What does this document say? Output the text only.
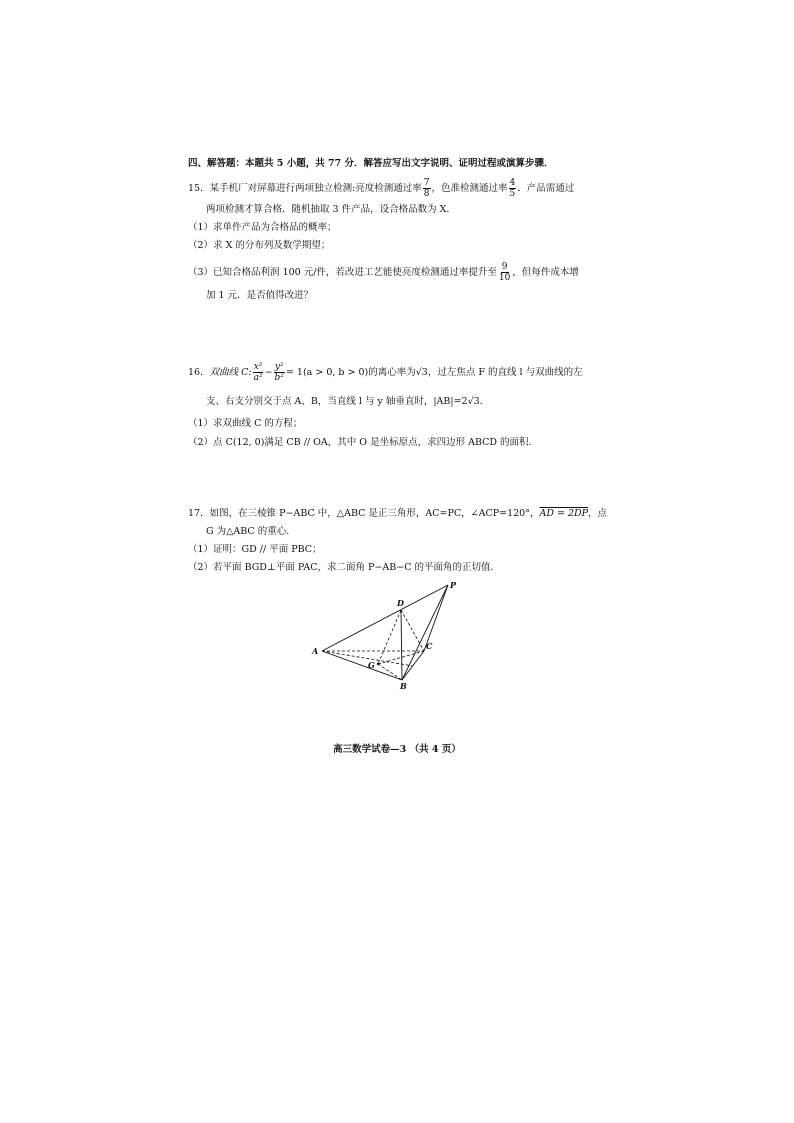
四、解答题：本题共 5 小题，共 77 分．解答应写出文字说明、证明过程或演算步骤．
15．某手机厂对屏幕进行两项独立检测:亮度检测通过率 $\frac{7}{8}$ ，色准检测通过率 $\frac{4}{5}$ ．产品需通过
两项检测才算合格．随机抽取 3 件产品，设合格品数为 X．
（1）求单件产品为合格品的概率；
（2）求 X 的分布列及数学期望；
（3）已知合格品利润 100 元/件，若改进工艺能使亮度检测通过率提升至 $\frac{9}{10}$ ，但每件成本增
加 1 元．是否值得改进？
16．双曲线 C: $\frac{\text{x²}}{\text{a²}} - \frac{\text{y²}}{\text{b²}} = 1(a > 0$, b > 0)的离心率为√3，过左焦点 F 的直线 l 与双曲线的左
支、右支分别交于点 A、B，当直线 l 与 y 轴垂直时，|AB|=2√3．
（1）求双曲线 C 的方程；
（2）点 C(12, 0)满足 CB // OA，其中 O 是坐标原点，求四边形 ABCD 的面积.
17．如图，在三棱锥 P−ABC 中，△ABC 是正三角形，AC=PC，∠ACP=120°，AD = 2DP，点
G 为△ABC 的重心．
（1）证明：GD // 平面 PBC；
（2）若平面 BGD⊥平面 PAC，求二面角 P−AB−C 的平面角的正切值．
P
D
A	C
G
B
高三数学试卷—3 （共 4 页）
